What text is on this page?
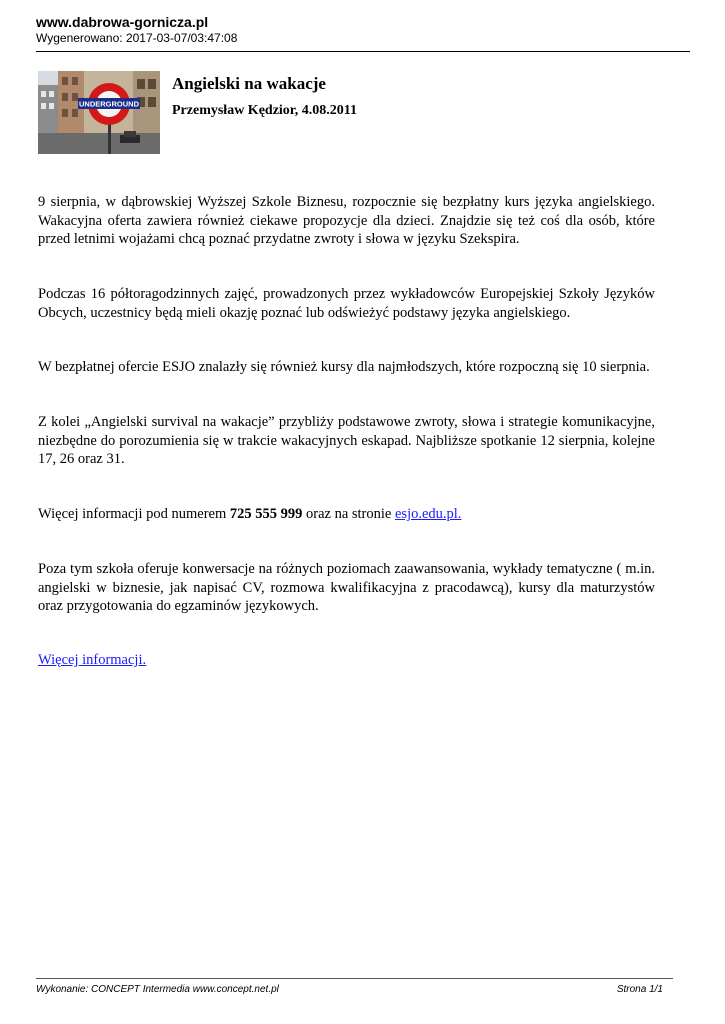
www.dabrowa-gornicza.pl
Wygenerowano: 2017-03-07/03:47:08
UNDERGROUND
Angielski na wakacje
Przemysław Kędzior, 4.08.2011

9 sierpnia, w dąbrowskiej Wyższej Szkole Biznesu, rozpocznie się bezpłatny kurs języka angielskiego. Wakacyjna oferta zawiera również ciekawe propozycje dla dzieci. Znajdzie się też coś dla osób, które przed letnimi wojażami chcą poznać przydatne zwroty i słowa w języku Szekspira.

Podczas 16 półtoragodzinnych zajęć, prowadzonych przez wykładowców Europejskiej Szkoły Języków Obcych, uczestnicy będą mieli okazję poznać lub odświeżyć podstawy języka angielskiego.

W bezpłatnej ofercie ESJO znalazły się również kursy dla najmłodszych, które rozpoczną się 10 sierpnia.

Z kolei „Angielski survival na wakacje” przybliży podstawowe zwroty, słowa i strategie komunikacyjne, niezbędne do porozumienia się w trakcie wakacyjnych eskapad. Najbliższe spotkanie 12 sierpnia, kolejne 17, 26 oraz 31.

Więcej informacji pod numerem 725 555 999 oraz na stronie esjo.edu.pl.

Poza tym szkoła oferuje konwersacje na różnych poziomach zaawansowania, wykłady tematyczne ( m.in. angielski w biznesie, jak napisać CV, rozmowa kwalifikacyjna z pracodawcą), kursy dla maturzystów oraz przygotowania do egzaminów językowych.

Więcej informacji.

Wykonanie: CONCEPT Intermedia www.concept.net.pl	Strona 1/1
